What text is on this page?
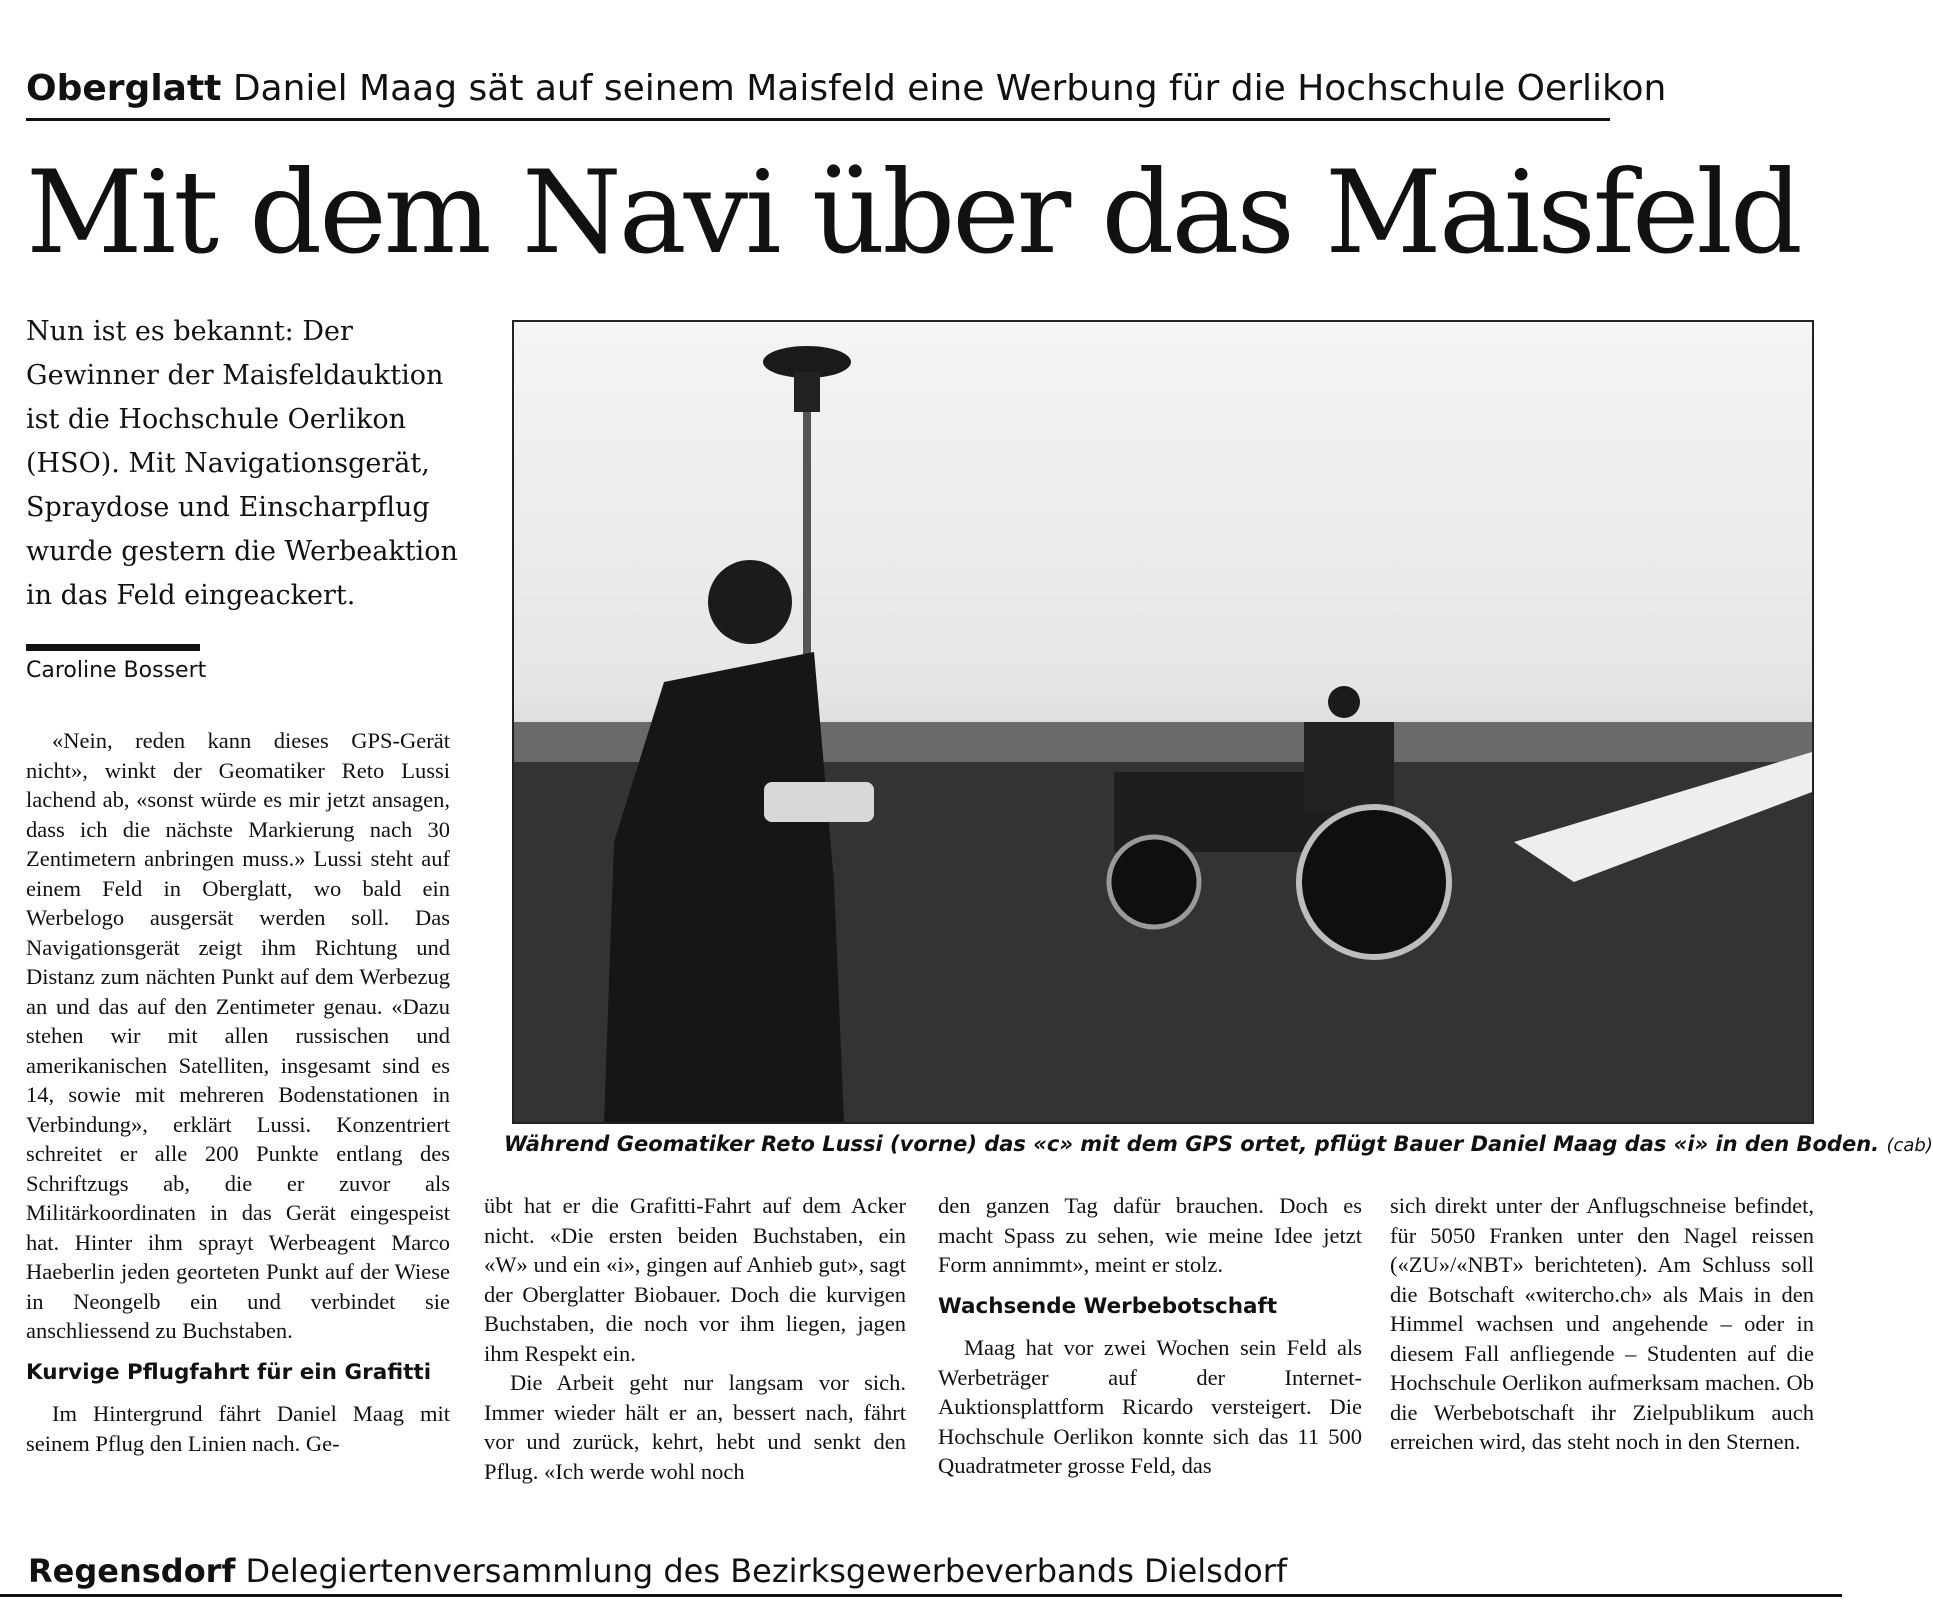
Oberglatt Daniel Maag sät auf seinem Maisfeld eine Werbung für die Hochschule Oerlikon
Mit dem Navi über das Maisfeld

Nun ist es bekannt: Der Gewinner der Maisfeldauktion ist die Hochschule Oerlikon (HSO). Mit Navigationsgerät, Spraydose und Einscharpflug wurde gestern die Werbeaktion in das Feld eingeackert.

Caroline Bossert

«Nein, reden kann dieses GPS-Gerät nicht», winkt der Geomatiker Reto Lussi lachend ab, «sonst würde es mir jetzt ansagen, dass ich die nächste Markierung nach 30 Zentimetern anbringen muss.» Lussi steht auf einem Feld in Oberglatt, wo bald ein Werbelogo ausgersät werden soll. Das Navigationsgerät zeigt ihm Richtung und Distanz zum nächten Punkt auf dem Werbezug an und das auf den Zentimeter genau. «Dazu stehen wir mit allen russischen und amerikanischen Satelliten, insgesamt sind es 14, sowie mit mehreren Bodenstationen in Verbindung», erklärt Lussi. Konzentriert schreitet er alle 200 Punkte entlang des Schriftzugs ab, die er zuvor als Militärkoordinaten in das Gerät eingespeist hat. Hinter ihm sprayt Werbeagent Marco Haeberlin jeden georteten Punkt auf der Wiese in Neongelb ein und verbindet sie anschliessend zu Buchstaben.

Kurvige Pflugfahrt für ein Grafitti

Im Hintergrund fährt Daniel Maag mit seinem Pflug den Linien nach. Ge-

Während Geomatiker Reto Lussi (vorne) das «c» mit dem GPS ortet, pflügt Bauer Daniel Maag das «i» in den Boden. (cab)

übt hat er die Grafitti-Fahrt auf dem Acker nicht. «Die ersten beiden Buchstaben, ein «W» und ein «i», gingen auf Anhieb gut», sagt der Oberglatter Biobauer. Doch die kurvigen Buchstaben, die noch vor ihm liegen, jagen ihm Respekt ein.

Die Arbeit geht nur langsam vor sich. Immer wieder hält er an, bessert nach, fährt vor und zurück, kehrt, hebt und senkt den Pflug. «Ich werde wohl noch

den ganzen Tag dafür brauchen. Doch es macht Spass zu sehen, wie meine Idee jetzt Form annimmt», meint er stolz.

Wachsende Werbebotschaft

Maag hat vor zwei Wochen sein Feld als Werbeträger auf der Internet-Auktionsplattform Ricardo versteigert. Die Hochschule Oerlikon konnte sich das 11 500 Quadratmeter grosse Feld, das

sich direkt unter der Anflugschneise befindet, für 5050 Franken unter den Nagel reissen («ZU»/«NBT» berichteten). Am Schluss soll die Botschaft «witercho.ch» als Mais in den Himmel wachsen und angehende – oder in diesem Fall anfliegende – Studenten auf die Hochschule Oerlikon aufmerksam machen. Ob die Werbebotschaft ihr Zielpublikum auch erreichen wird, das steht noch in den Sternen.

Regensdorf Delegiertenversammlung des Bezirksgewerbeverbands Dielsdorf
